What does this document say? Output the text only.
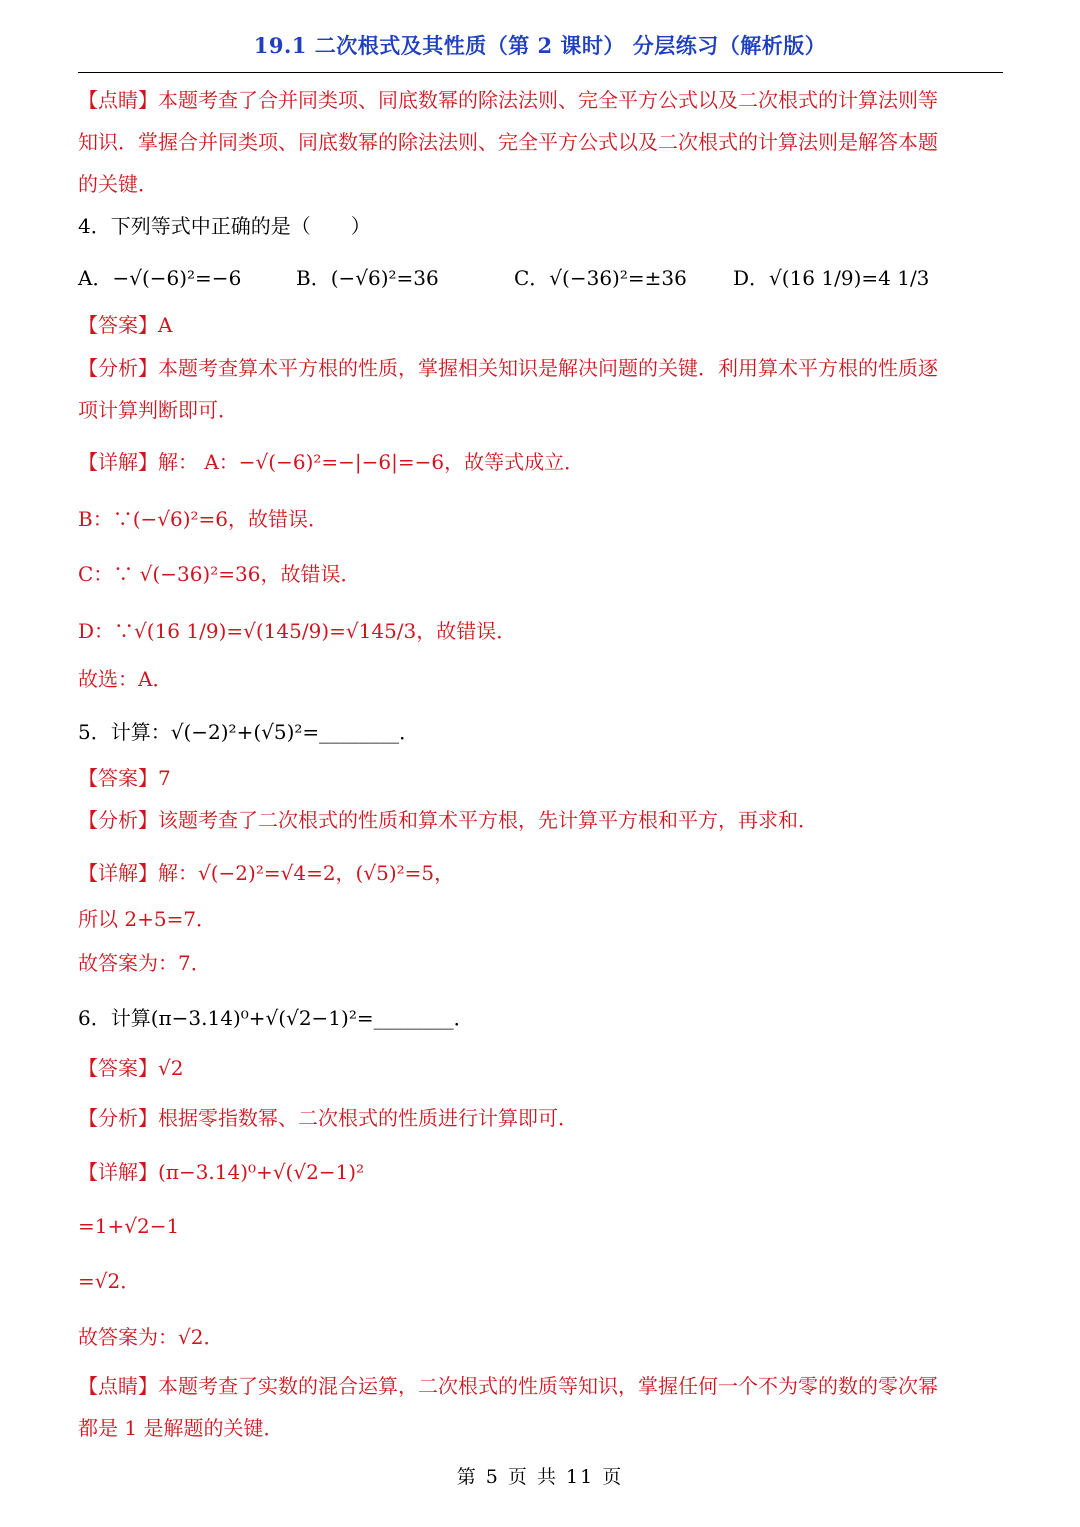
19.1 二次根式及其性质（第 2 课时） 分层练习（解析版）
【点睛】本题考查了合并同类项、同底数幂的除法法则、完全平方公式以及二次根式的计算法则等
知识．掌握合并同类项、同底数幂的除法法则、完全平方公式以及二次根式的计算法则是解答本题
的关键．
4．下列等式中正确的是（　　）
A．−√(−6)²=−6	B．(−√6)²=36	C．√(−36)²=±36	D．√(16 1/9)=4 1/3
【答案】A
【分析】本题考查算术平方根的性质，掌握相关知识是解决问题的关键．利用算术平方根的性质逐
项计算判断即可．
【详解】解： A：−√(−6)²=−|−6|=−6，故等式成立．
B：∵(−√6)²=6，故错误．
C：∵ √(−36)²=36，故错误．
D：∵√(16 1/9)=√(145/9)=√145/3，故错误．
故选：A．
5．计算：√(−2)²+(√5)²=________．
【答案】7
【分析】该题考查了二次根式的性质和算术平方根，先计算平方根和平方，再求和．
【详解】解：√(−2)²=√4=2，(√5)²=5，
所以 2+5=7．
故答案为：7．
6．计算(π−3.14)⁰+√(√2−1)²=________．
【答案】√2
【分析】根据零指数幂、二次根式的性质进行计算即可．
【详解】(π−3.14)⁰+√(√2−1)²
=1+√2−1
=√2．
故答案为：√2．
【点睛】本题考查了实数的混合运算，二次根式的性质等知识，掌握任何一个不为零的数的零次幂
都是 1 是解题的关键．
第 5 页 共 11 页
